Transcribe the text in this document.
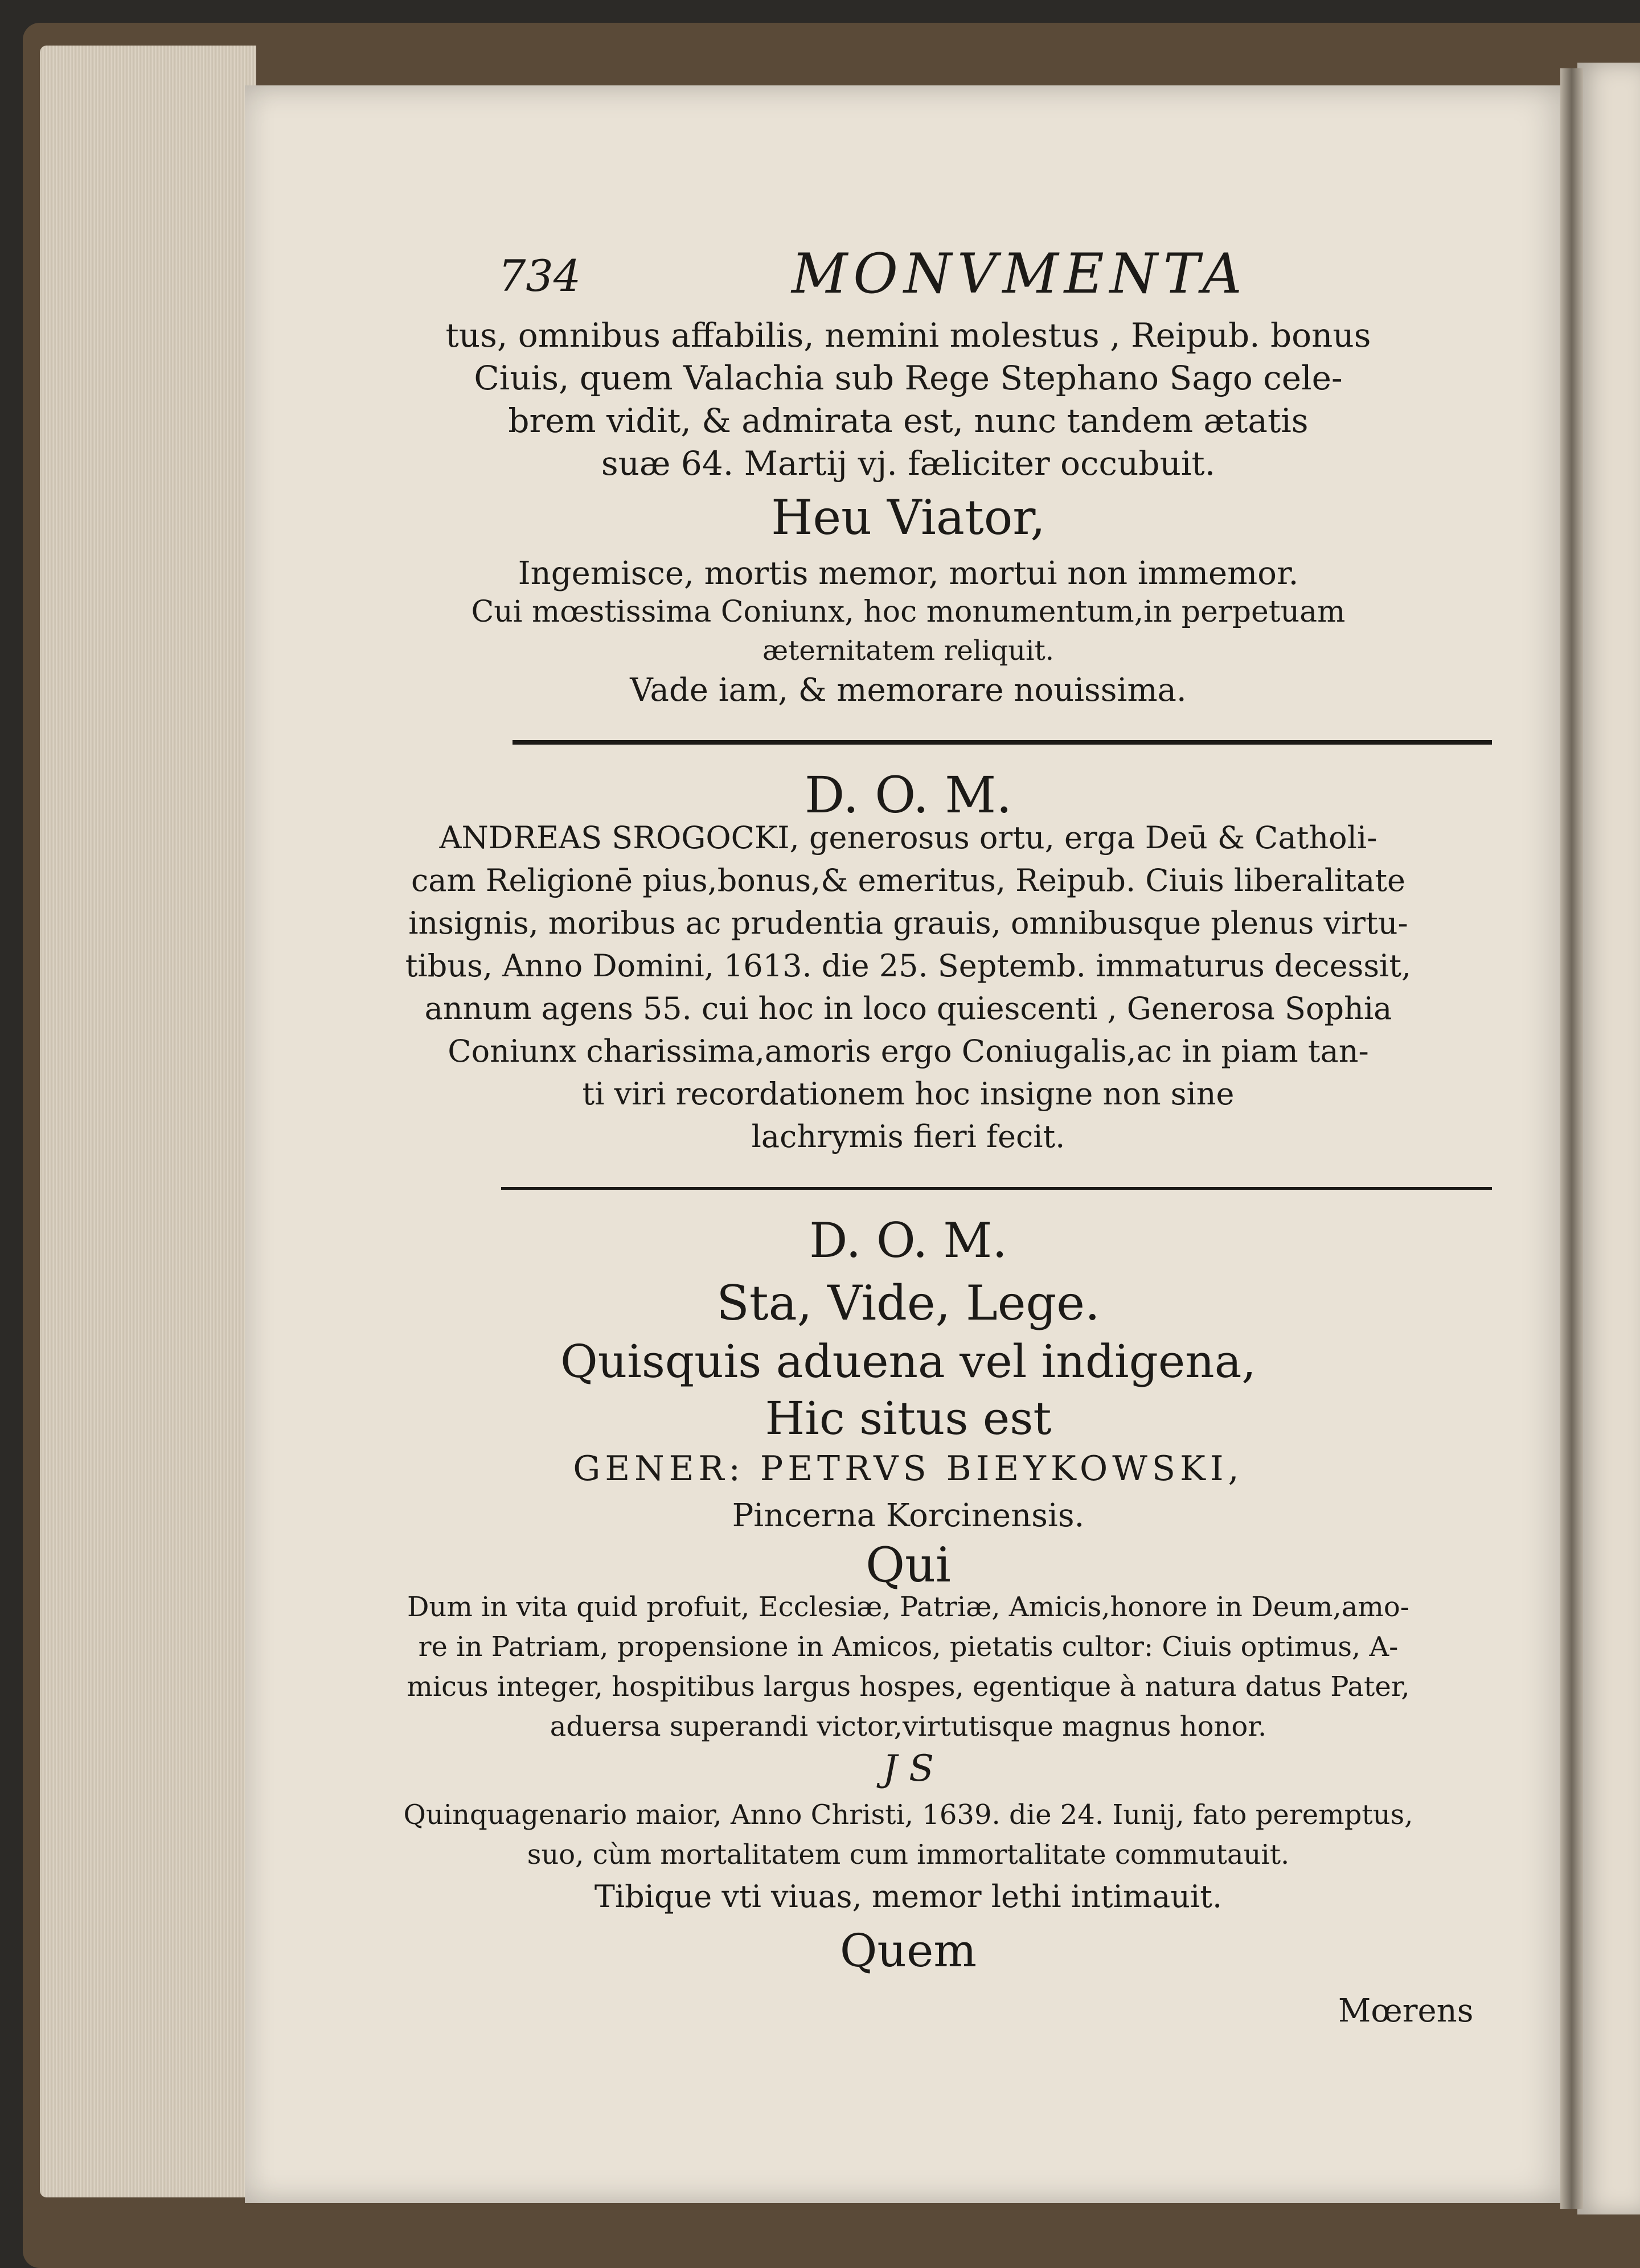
734	MONVMENTA
tus, omnibus affabilis, nemini molestus , Reipub. bonus
Ciuis, quem Valachia sub Rege Stephano Sago cele-
brem vidit, & admirata est, nunc tandem ætatis
suæ 64. Martij vj. fæliciter occubuit.
Heu Viator,
Ingemisce, mortis memor, mortui non immemor.
Cui mœstissima Coniunx, hoc monumentum,in perpetuam
æternitatem reliquit.
Vade iam, & memorare nouissima.
D. O. M.
ANDREAS SROGOCKI, generosus ortu, erga Deū & Catholi-
cam Religionē pius,bonus,& emeritus, Reipub. Ciuis liberalitate
insignis, moribus ac prudentia grauis, omnibusque plenus virtu-
tibus, Anno Domini, 1613. die 25. Septemb. immaturus decessit,
annum agens 55. cui hoc in loco quiescenti , Generosa Sophia
Coniunx charissima,amoris ergo Coniugalis,ac in piam tan-
ti viri recordationem hoc insigne non sine
lachrymis fieri fecit.
D. O. M.
Sta, Vide, Lege.
Quisquis aduena vel indigena,
Hic situs est
GENER: PETRVS BIEYKOWSKI,
Pincerna Korcinensis.
Qui
Dum in vita quid profuit, Ecclesiæ, Patriæ, Amicis,honore in Deum,amo-
re in Patriam, propensione in Amicos, pietatis cultor: Ciuis optimus, A-
micus integer, hospitibus largus hospes, egentique à natura datus Pater,
aduersa superandi victor,virtutisque magnus honor.
J S
Quinquagenario maior, Anno Christi, 1639. die 24. Iunij, fato peremptus,
suo, cùm mortalitatem cum immortalitate commutauit.
Tibique vti viuas, memor lethi intimauit.
Quem
Mœrens
